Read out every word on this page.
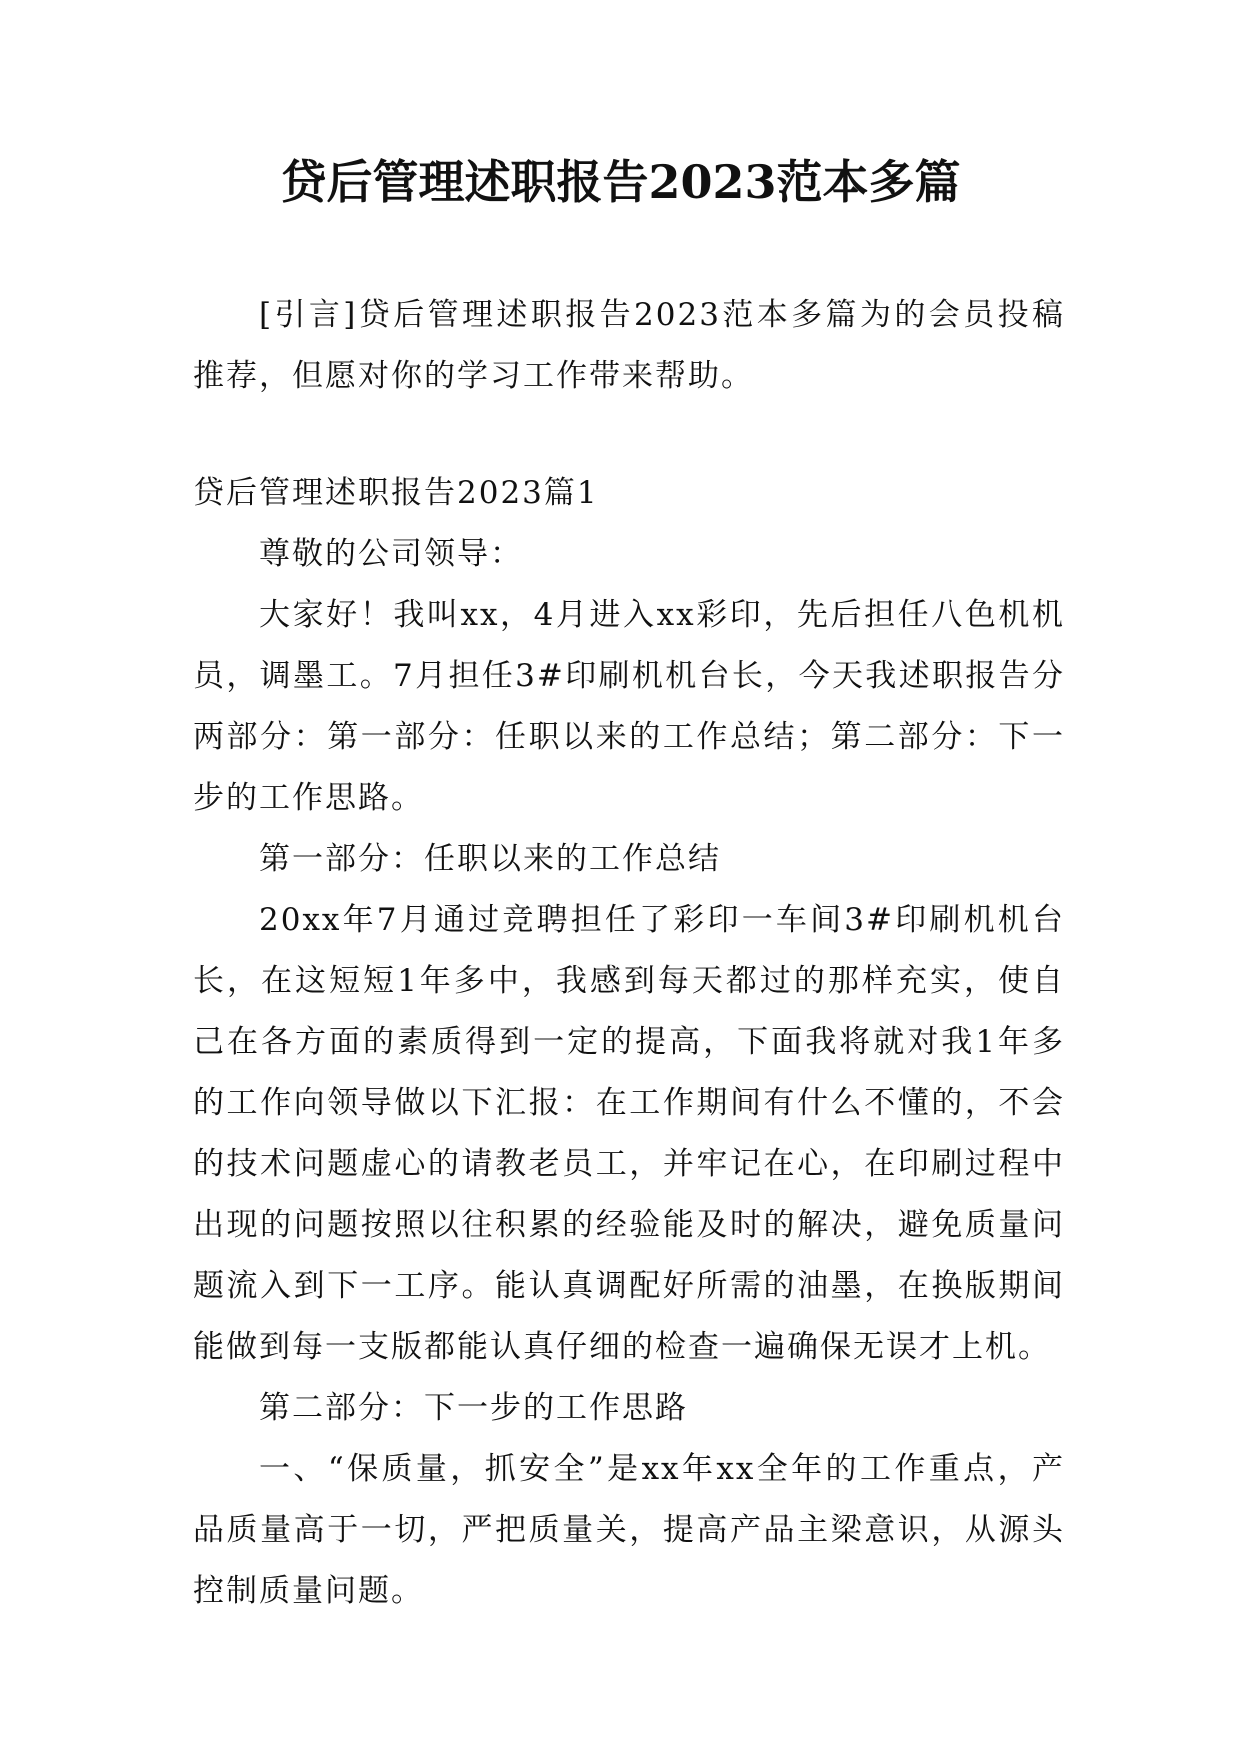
贷后管理述职报告2023范本多篇

[引言]贷后管理述职报告2023范本多篇为的会员投稿推荐，但愿对你的学习工作带来帮助。

贷后管理述职报告2023篇1

尊敬的公司领导：

大家好！我叫xx，4月进入xx彩印，先后担任八色机机员，调墨工。7月担任3#印刷机机台长，今天我述职报告分两部分：第一部分：任职以来的工作总结；第二部分：下一步的工作思路。

第一部分：任职以来的工作总结

20xx年7月通过竞聘担任了彩印一车间3#印刷机机台长，在这短短1年多中，我感到每天都过的那样充实，使自己在各方面的素质得到一定的提高，下面我将就对我1年多的工作向领导做以下汇报：在工作期间有什么不懂的，不会的技术问题虚心的请教老员工，并牢记在心，在印刷过程中出现的问题按照以往积累的经验能及时的解决，避免质量问题流入到下一工序。能认真调配好所需的油墨，在换版期间能做到每一支版都能认真仔细的检查一遍确保无误才上机。

第二部分：下一步的工作思路

一、“保质量，抓安全”是xx年xx全年的工作重点，产品质量高于一切，严把质量关，提高产品主梁意识，从源头控制质量问题。
